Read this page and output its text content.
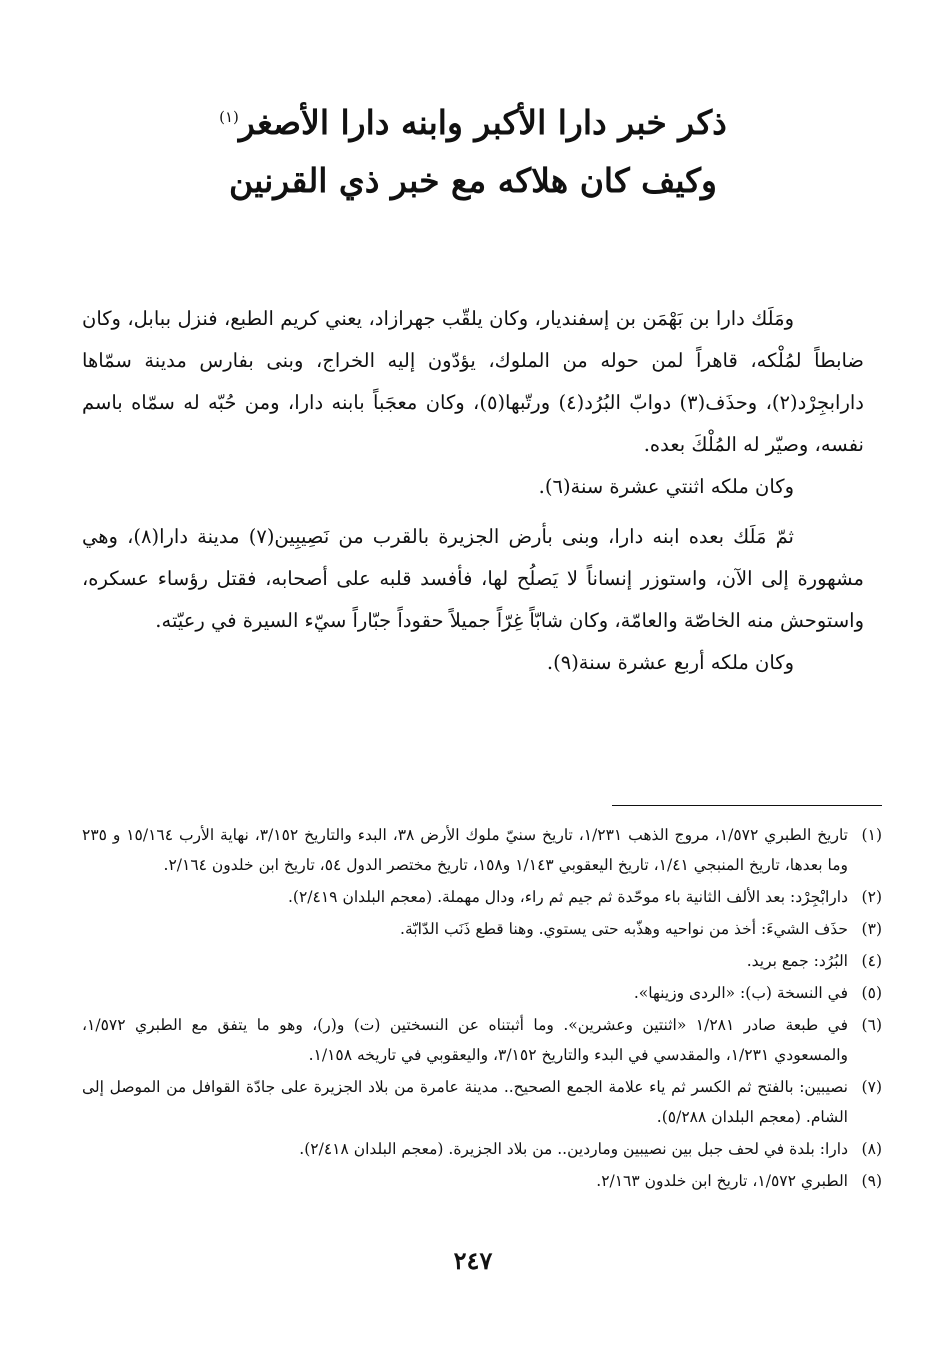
ذكر خبر دارا الأكبر وابنه دارا الأصغر$^{(١)}$
وكيف كان هلاكه مع خبر ذي القرنين

ومَلَك دارا بن بَهْمَن بن إسفنديار، وكان يلقّب جهرازاد، يعني كريم الطبع، فنزل ببابل، وكان ضابطاً لمُلْكه، قاهراً لمن حوله من الملوك، يؤدّون إليه الخراج، وبنى بفارس مدينة سمّاها دارابجِرْد(٢)، وحذَف(٣) دوابّ البُرُد(٤) ورتّبها(٥)، وكان معجَباً بابنه دارا، ومن حُبّه له سمّاه باسم نفسه، وصيّر له المُلْكَ بعده.

وكان ملكه اثنتي عشرة سنة(٦).

ثمّ مَلَك بعده ابنه دارا، وبنى بأرض الجزيرة بالقرب من نَصِيبِين(٧) مدينة دارا(٨)، وهي مشهورة إلى الآن، واستوزر إنساناً لا يَصلُح لها، فأفسد قلبه على أصحابه، فقتل رؤساء عسكره، واستوحش منه الخاصّة والعامّة، وكان شابّاً غِرّاً جميلاً حقوداً جبّاراً سيّء السيرة في رعيّته.

وكان ملكه أربع عشرة سنة(٩).

(١)
تاريخ الطبري ١/٥٧٢، مروج الذهب ١/٢٣١، تاريخ سنيّ ملوك الأرض ٣٨، البدء والتاريخ ٣/١٥٢، نهاية الأرب ١٥/١٦٤ و ٢٣٥ وما بعدها، تاريخ المنبجي ١/٤١، تاريخ اليعقوبي ١/١٤٣ و١٥٨، تاريخ مختصر الدول ٥٤، تاريخ ابن خلدون ٢/١٦٤.
(٢)
دارابْجِرْد: بعد الألف الثانية باء موحّدة ثم جيم ثم راء، ودال مهملة. (معجم البلدان ٢/٤١٩).
(٣)
حذَف الشيءَ: أخذ من نواحيه وهذّبه حتى يستوي. وهنا قطع ذَنَب الدّابّة.
(٤)
البُرُد: جمع بريد.
(٥)
في النسخة (ب): «الردى وزينها».
(٦)
في طبعة صادر ١/٢٨١ «اثنتين وعشرين». وما أثبتناه عن النسختين (ت) و(ر)، وهو ما يتفق مع الطبري ١/٥٧٢، والمسعودي ١/٢٣١، والمقدسي في البدء والتاريخ ٣/١٥٢، واليعقوبي في تاريخه ١/١٥٨.
(٧)
نصيبين: بالفتح ثم الكسر ثم ياء علامة الجمع الصحيح.. مدينة عامرة من بلاد الجزيرة على جادّة القوافل من الموصل إلى الشام. (معجم البلدان ٥/٢٨٨).
(٨)
دارا: بلدة في لحف جبل بين نصيبين وماردين.. من بلاد الجزيرة. (معجم البلدان ٢/٤١٨).
(٩)
الطبري ١/٥٧٢، تاريخ ابن خلدون ٢/١٦٣.
٢٤٧
